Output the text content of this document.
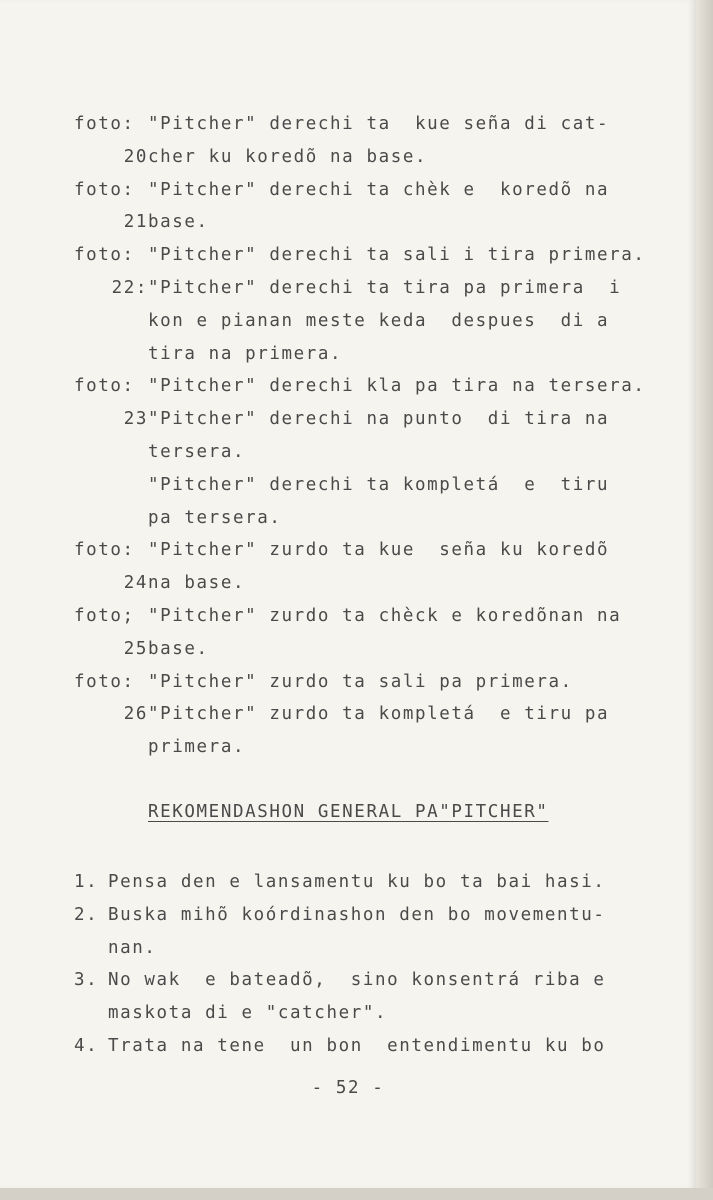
foto: "Pitcher" derechi ta  kue seña di cat-
20 cher ku koredõ na base.
foto: "Pitcher" derechi ta chèk e  koredõ na
21 base.
foto: "Pitcher" derechi ta sali i tira primera.
22: "Pitcher" derechi ta tira pa primera  i
kon e pianan meste keda  despues  di a
tira na primera.
foto: "Pitcher" derechi kla pa tira na tersera.
23 "Pitcher" derechi na punto  di tira na
tersera.
"Pitcher" derechi ta kompletá  e  tiru
pa tersera.
foto: "Pitcher" zurdo ta kue  seña ku koredõ
24 na base.
foto; "Pitcher" zurdo ta chèck e koredõnan na
25 base.
foto: "Pitcher" zurdo ta sali pa primera.
26 "Pitcher" zurdo ta kompletá  e tiru pa
primera.
REKOMENDASHON GENERAL PA"PITCHER"
1. Pensa den e lansamentu ku bo ta bai hasi.
2. Buska mihõ koórdinashon den bo movementu-
nan.
3. No wak  e bateadõ,  sino konsentrá riba e
maskota di e "catcher".
4. Trata na tene  un bon  entendimentu ku bo
- 52 -
